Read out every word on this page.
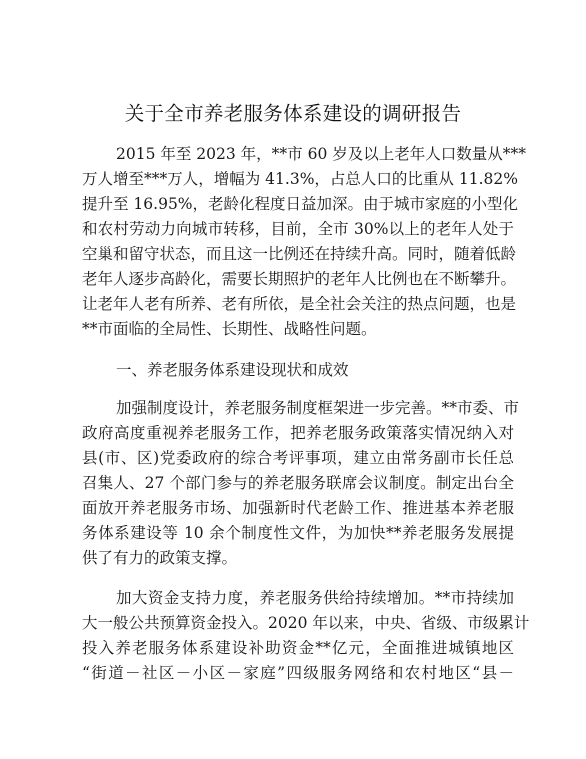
关于全市养老服务体系建设的调研报告
2015 年至 2023 年，**市 60 岁及以上老年人口数量从***
万人增至***万人，增幅为 41.3%，占总人口的比重从 11.82%
提升至 16.95%，老龄化程度日益加深。由于城市家庭的小型化
和农村劳动力向城市转移，目前，全市 30%以上的老年人处于
空巢和留守状态，而且这一比例还在持续升高。同时，随着低龄
老年人逐步高龄化，需要长期照护的老年人比例也在不断攀升。
让老年人老有所养、老有所依，是全社会关注的热点问题，也是
**市面临的全局性、长期性、战略性问题。
一、养老服务体系建设现状和成效
加强制度设计，养老服务制度框架进一步完善。**市委、市
政府高度重视养老服务工作，把养老服务政策落实情况纳入对
县(市、区)党委政府的综合考评事项，建立由常务副市长任总
召集人、27 个部门参与的养老服务联席会议制度。制定出台全
面放开养老服务市场、加强新时代老龄工作、推进基本养老服
务体系建设等 10 余个制度性文件，为加快**养老服务发展提
供了有力的政策支撑。
加大资金支持力度，养老服务供给持续增加。**市持续加
大一般公共预算资金投入。2020 年以来，中央、省级、市级累计
投入养老服务体系建设补助资金**亿元，全面推进城镇地区
“街道－社区－小区－家庭”四级服务网络和农村地区“县－
